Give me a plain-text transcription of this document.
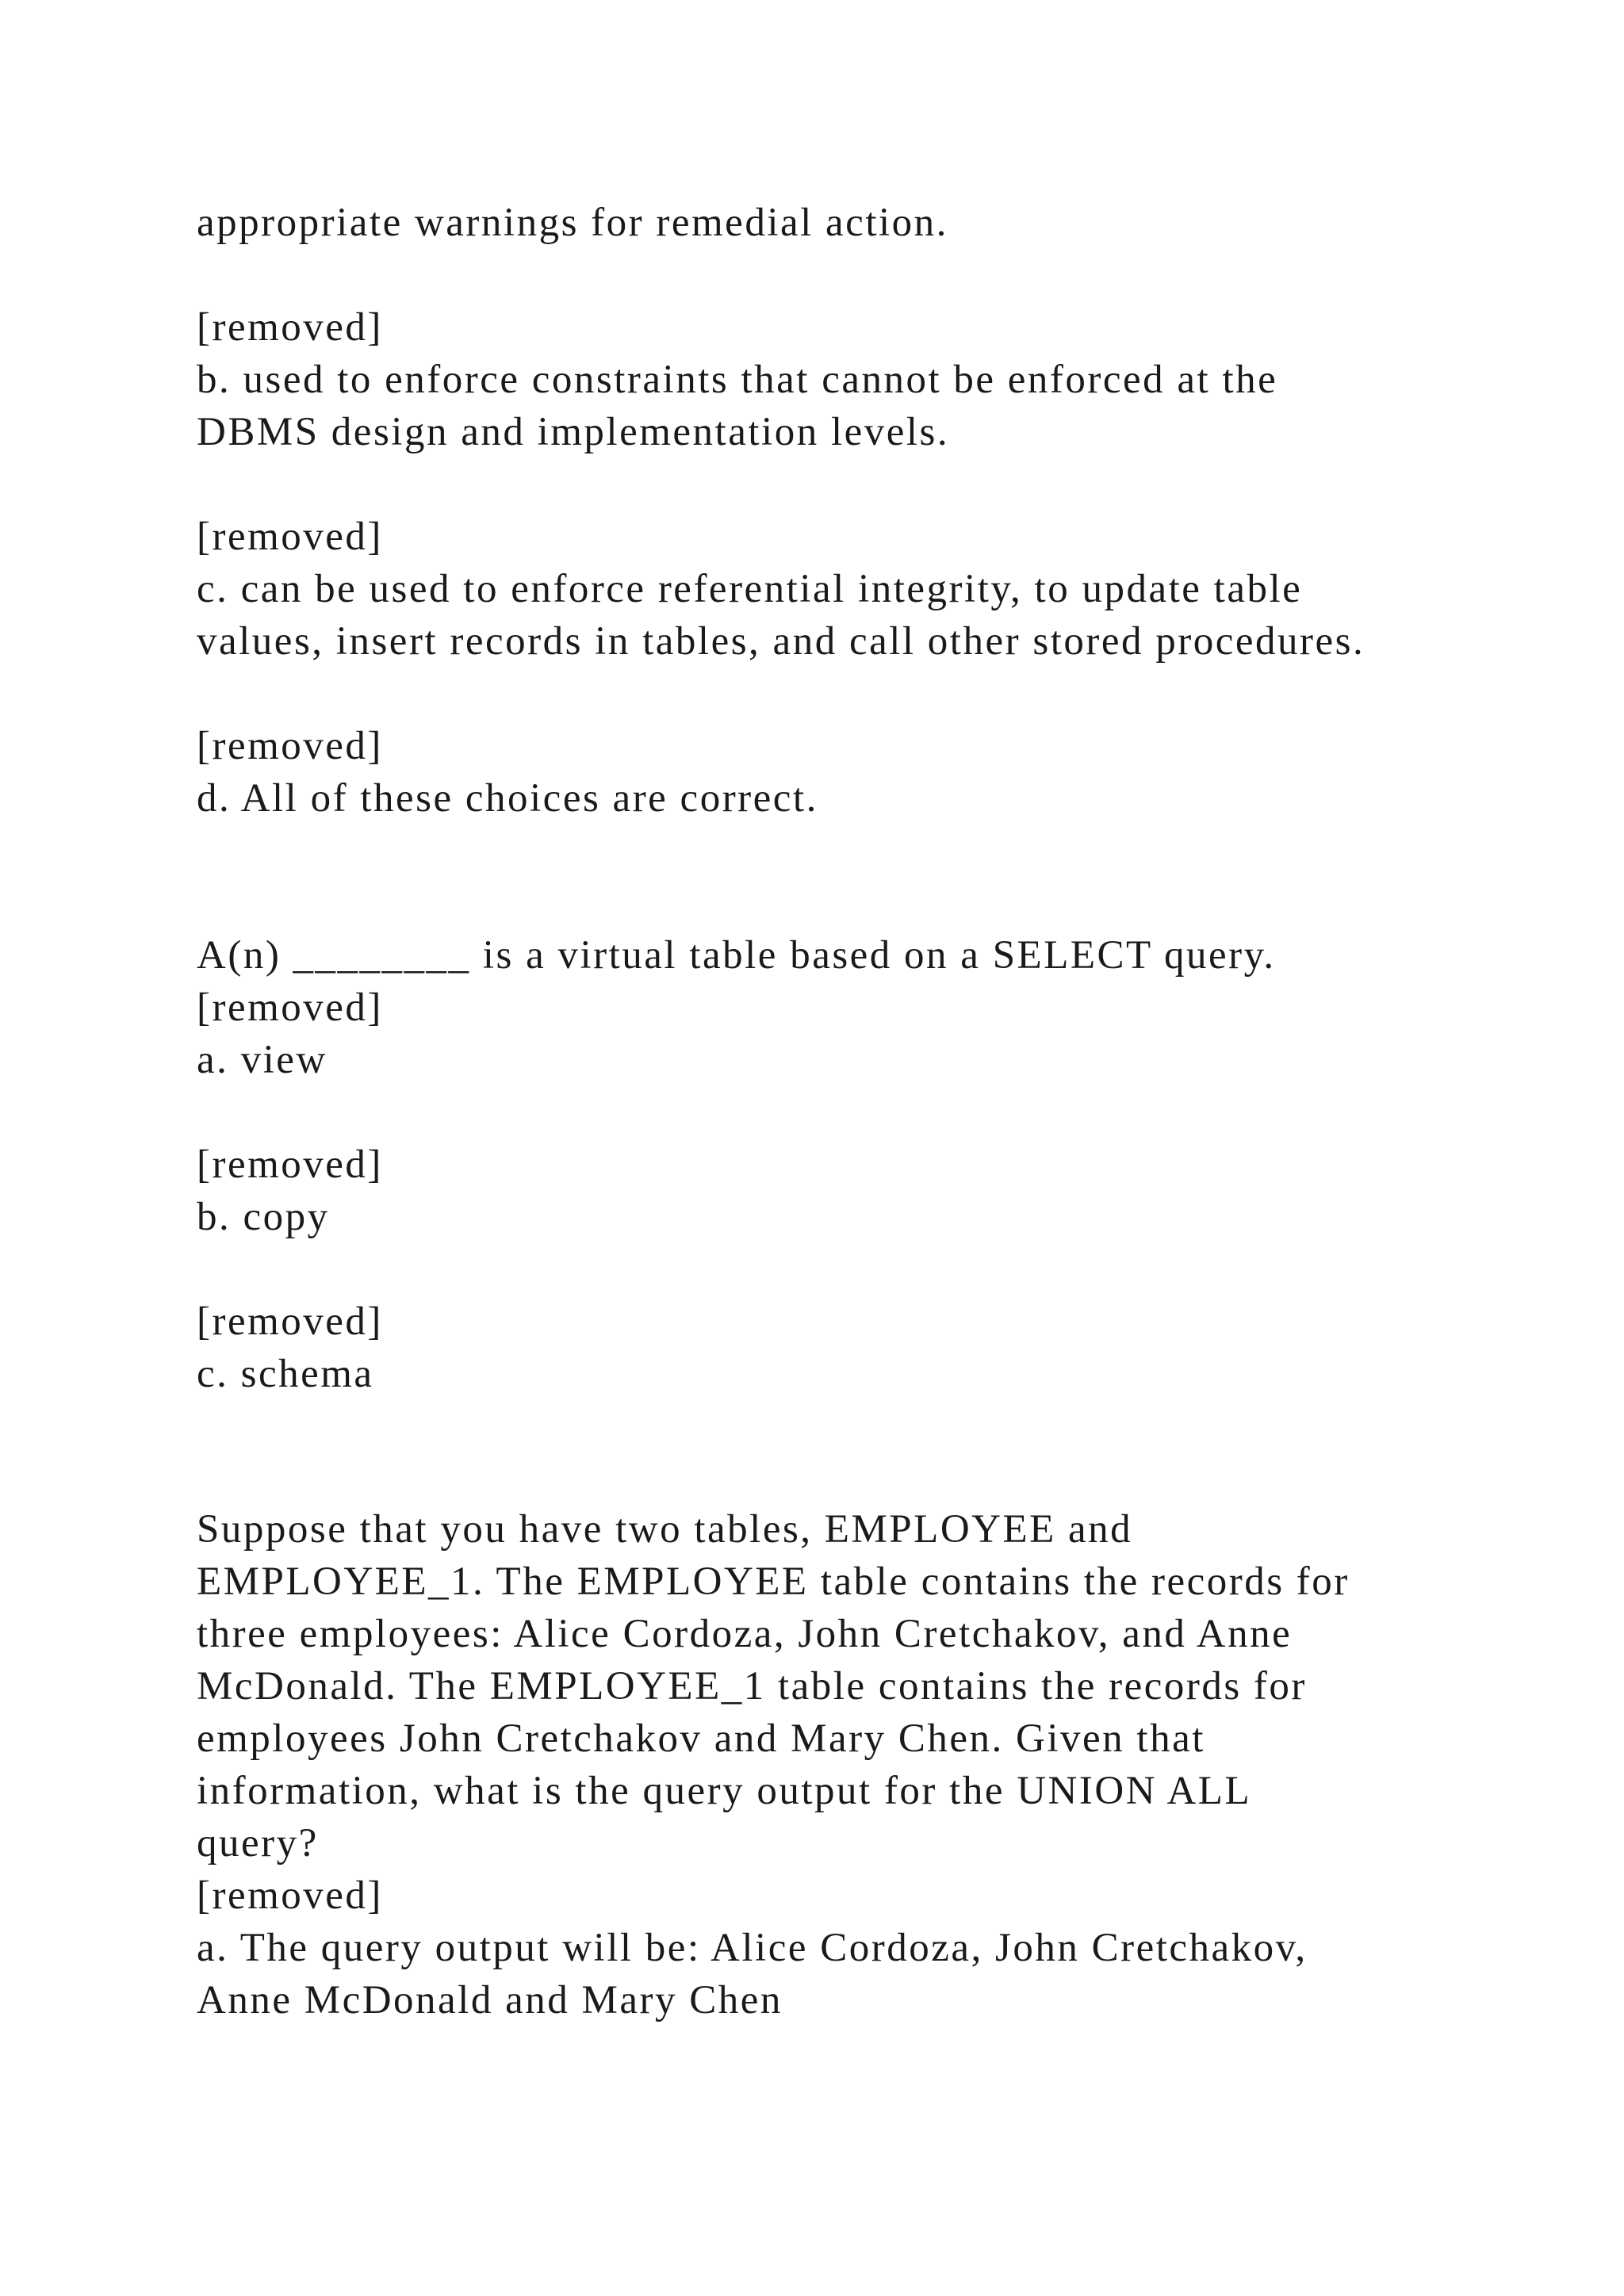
appropriate warnings for remedial action.
[removed]
b. used to enforce constraints that cannot be enforced at the
DBMS design and implementation levels.
[removed]
c. can be used to enforce referential integrity, to update table
values, insert records in tables, and call other stored procedures.
[removed]
d. All of these choices are correct.
A(n) ________ is a virtual table based on a SELECT query.
[removed]
a. view
[removed]
b. copy
[removed]
c. schema
Suppose that you have two tables, EMPLOYEE and
EMPLOYEE_1. The EMPLOYEE table contains the records for
three employees: Alice Cordoza, John Cretchakov, and Anne
McDonald. The EMPLOYEE_1 table contains the records for
employees John Cretchakov and Mary Chen. Given that
information, what is the query output for the UNION ALL
query?
[removed]
a. The query output will be: Alice Cordoza, John Cretchakov,
Anne McDonald and Mary Chen
